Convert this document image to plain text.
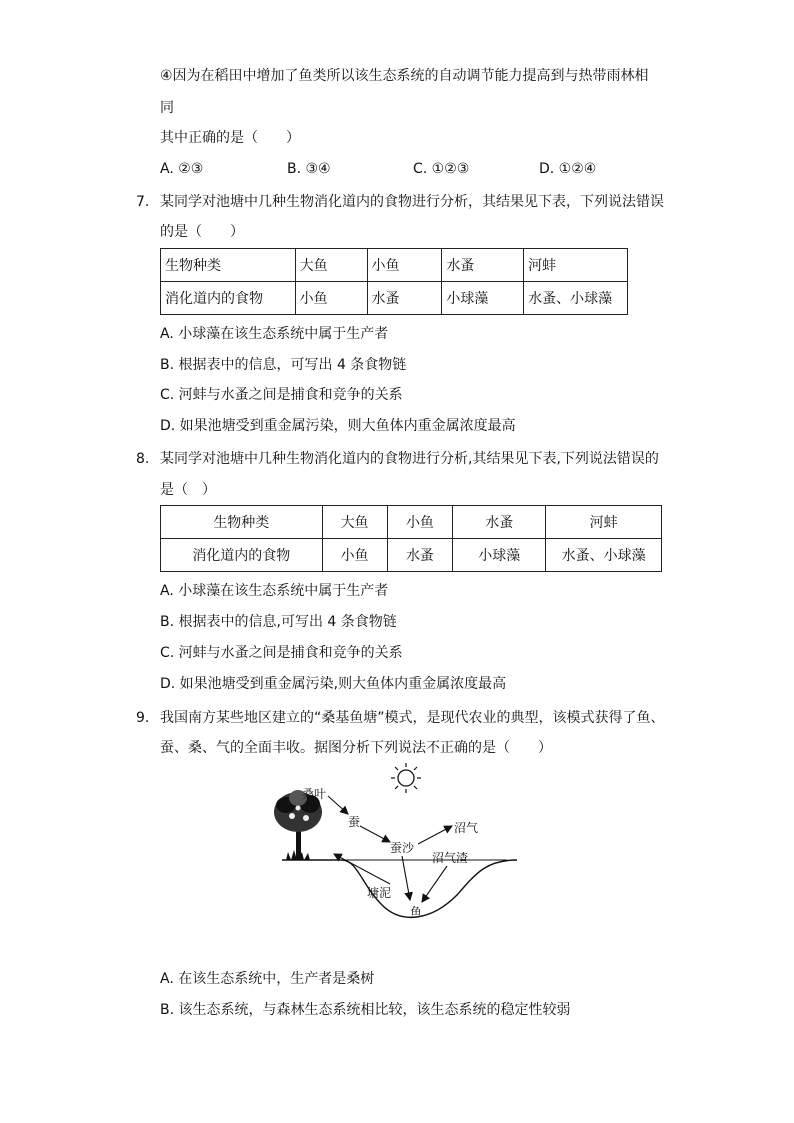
④因为在稻田中增加了鱼类所以该生态系统的自动调节能力提高到与热带雨林相
同
其中正确的是（　　）
A. ②③	B. ③④	C. ①②③	D. ①②④
7. 某同学对池塘中几种生物消化道内的食物进行分析，其结果见下表，下列说法错误
的是（　　）
生物种类	大鱼	小鱼	水蚤	河蚌
消化道内的食物	小鱼	水蚤	小球藻	水蚤、小球藻
A. 小球藻在该生态系统中属于生产者
B. 根据表中的信息，可写出 4 条食物链
C. 河蚌与水蚤之间是捕食和竞争的关系
D. 如果池塘受到重金属污染，则大鱼体内重金属浓度最高
8. 某同学对池塘中几种生物消化道内的食物进行分析,其结果见下表,下列说法错误的
是（　）
生物种类	大鱼	小鱼	水蚤	河蚌
消化道内的食物	小鱼	水蚤	小球藻	水蚤、小球藻
A. 小球藻在该生态系统中属于生产者
B. 根据表中的信息,可写出 4 条食物链
C. 河蚌与水蚤之间是捕食和竞争的关系
D. 如果池塘受到重金属污染,则大鱼体内重金属浓度最高
9. 我国南方某些地区建立的“桑基鱼塘”模式，是现代农业的典型，该模式获得了鱼、
蚕、桑、气的全面丰收。据图分析下列说法不正确的是（　　）
桑叶
蚕
蚕沙
沼气
沼气渣
塘泥
鱼
A. 在该生态系统中，生产者是桑树
B. 该生态系统，与森林生态系统相比较，该生态系统的稳定性较弱
